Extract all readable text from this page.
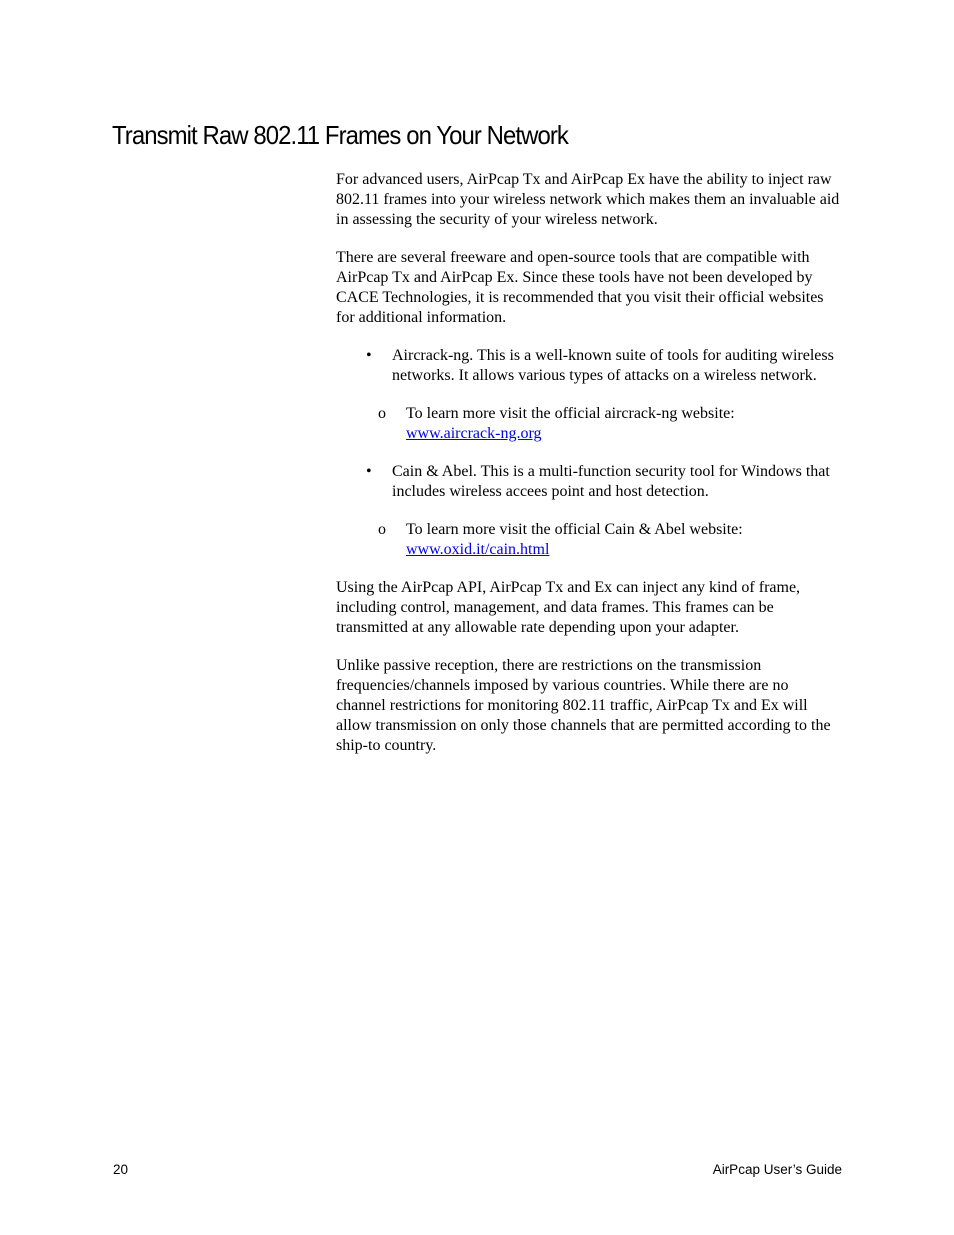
Transmit Raw 802.11 Frames on Your Network

For advanced users, AirPcap Tx and AirPcap Ex have the ability to inject raw 802.11 frames into your wireless network which makes them an invaluable aid in assessing the security of your wireless network.

There are several freeware and open-source tools that are compatible with AirPcap Tx and AirPcap Ex. Since these tools have not been developed by CACE Technologies, it is recommended that you visit their official websites for additional information.

• Aircrack-ng. This is a well-known suite of tools for auditing wireless networks. It allows various types of attacks on a wireless network.
o To learn more visit the official aircrack-ng website:
www.aircrack-ng.org
• Cain & Abel. This is a multi-function security tool for Windows that includes wireless accees point and host detection.
o To learn more visit the official Cain & Abel website:
www.oxid.it/cain.html

Using the AirPcap API, AirPcap Tx and Ex can inject any kind of frame, including control, management, and data frames. This frames can be transmitted at any allowable rate depending upon your adapter.

Unlike passive reception, there are restrictions on the transmission frequencies/channels imposed by various countries. While there are no channel restrictions for monitoring 802.11 traffic, AirPcap Tx and Ex will allow transmission on only those channels that are permitted according to the ship-to country.

20	AirPcap User’s Guide
